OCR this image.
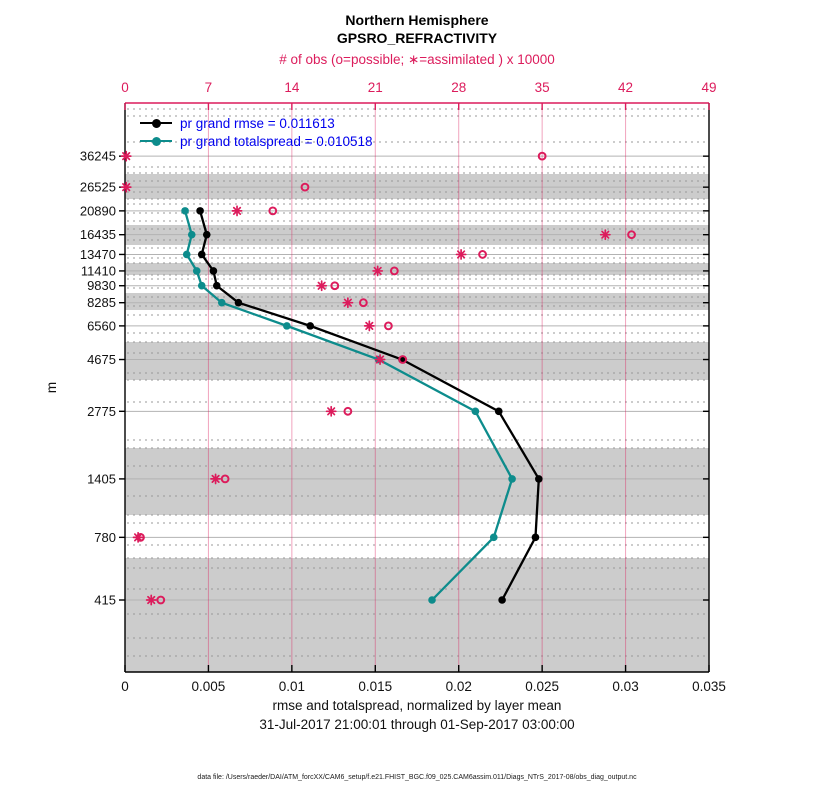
Northern Hemisphere
GPSRO_REFRACTIVITY
# of obs (o=possible; ∗=assimilated ) x 10000
0	7	14	21	28	35	42	49
0	0.005	0.01	0.015	0.02	0.025	0.03	0.035
36245
26525
20890
16435
13470
11410
9830
8285
6560
4675
2775
1405
780
415
pr grand rmse = 0.011613
pr grand totalspread = 0.010518
m
rmse and totalspread, normalized by layer mean
31-Jul-2017 21:00:01 through 01-Sep-2017 03:00:00
data file: /Users/raeder/DAI/ATM_forcXX/CAM6_setup/f.e21.FHIST_BGC.f09_025.CAM6assim.011/Diags_NTrS_2017-08/obs_diag_output.nc
